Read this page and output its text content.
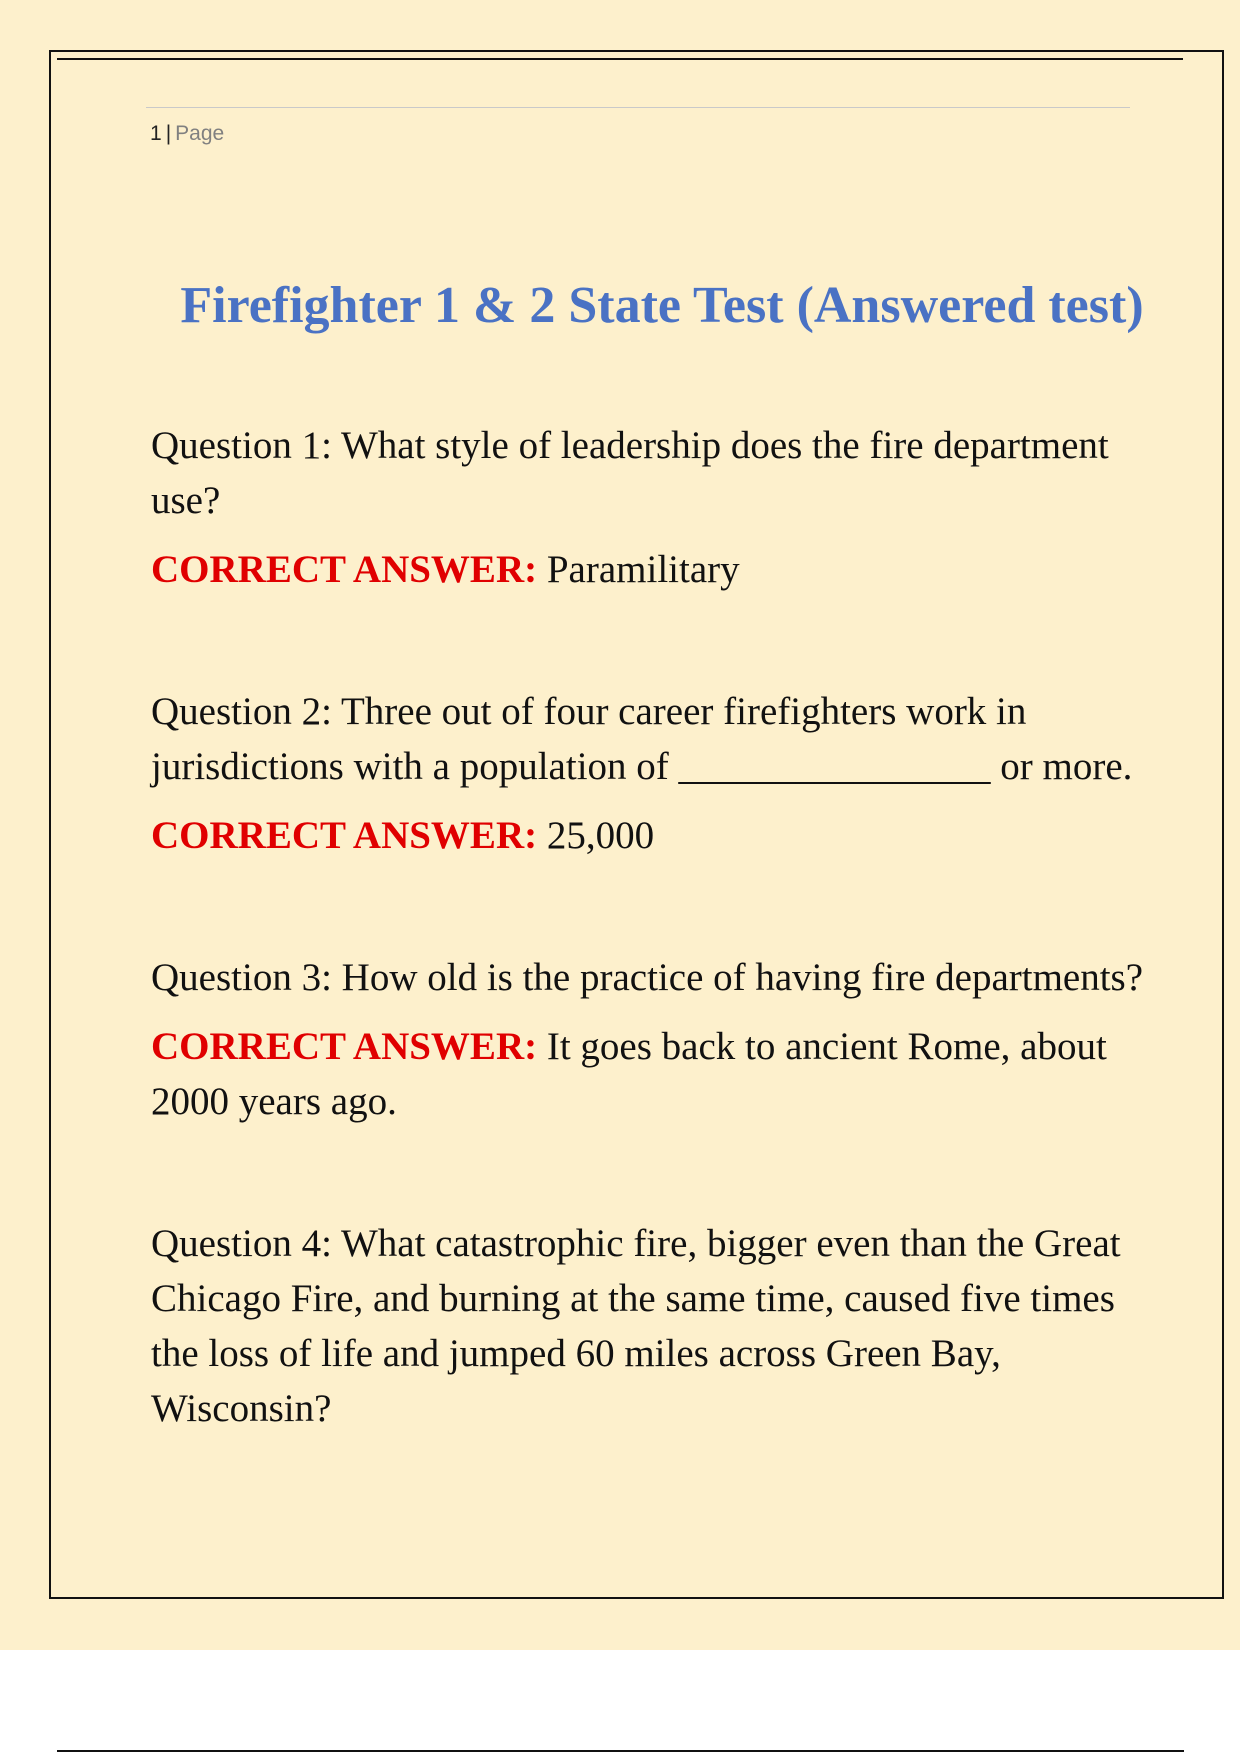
1 | Page
Firefighter 1 & 2 State Test (Answered test)

Question 1: What style of leadership does the fire department use?

CORRECT ANSWER: Paramilitary

Question 2: Three out of four career firefighters work in jurisdictions with a population of ________________ or more.

CORRECT ANSWER: 25,000

Question 3: How old is the practice of having fire departments?

CORRECT ANSWER: It goes back to ancient Rome, about 2000 years ago.

Question 4: What catastrophic fire, bigger even than the Great Chicago Fire, and burning at the same time, caused five times the loss of life and jumped 60 miles across Green Bay, Wisconsin?
